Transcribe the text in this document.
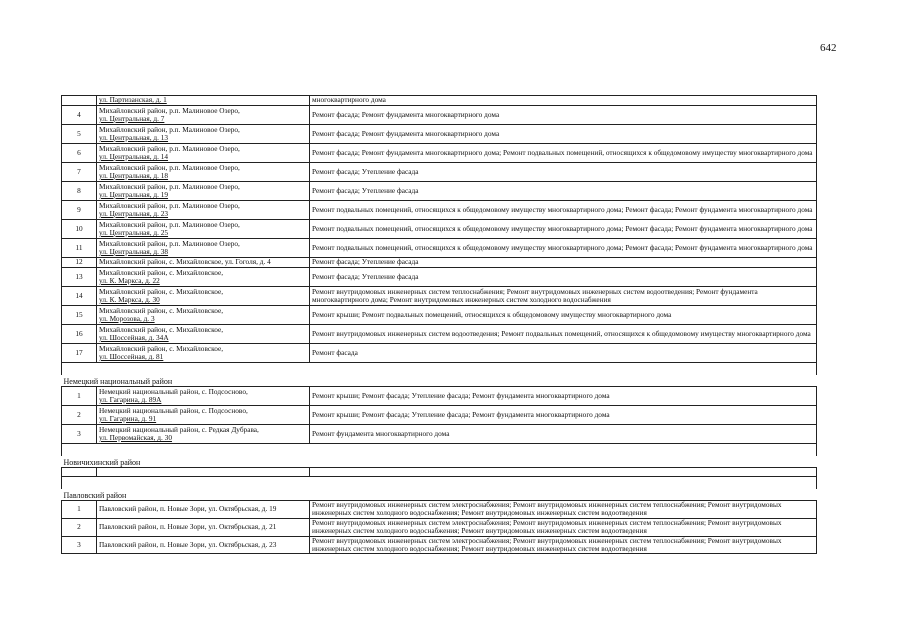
642
	ул. Партизанская, д. 1	многоквартирного дома
4	Михайловский район, р.п. Малиновое Озеро,
ул. Центральная, д. 7	Ремонт фасада; Ремонт фундамента многоквартирного дома
5	Михайловский район, р.п. Малиновое Озеро,
ул. Центральная, д. 13	Ремонт фасада; Ремонт фундамента многоквартирного дома
6	Михайловский район, р.п. Малиновое Озеро,
ул. Центральная, д. 14	Ремонт фасада; Ремонт фундамента многоквартирного дома; Ремонт подвальных помещений, относящихся к общедомовому имуществу многоквартирного дома
7	Михайловский район, р.п. Малиновое Озеро,
ул. Центральная, д. 18	Ремонт фасада; Утепление фасада
8	Михайловский район, р.п. Малиновое Озеро,
ул. Центральная, д. 19	Ремонт фасада; Утепление фасада
9	Михайловский район, р.п. Малиновое Озеро,
ул. Центральная, д. 23	Ремонт подвальных помещений, относящихся к общедомовому имуществу многоквартирного дома; Ремонт фасада; Ремонт фундамента многоквартирного дома
10	Михайловский район, р.п. Малиновое Озеро,
ул. Центральная, д. 25	Ремонт подвальных помещений, относящихся к общедомовому имуществу многоквартирного дома; Ремонт фасада; Ремонт фундамента многоквартирного дома
11	Михайловский район, р.п. Малиновое Озеро,
ул. Центральная, д. 38	Ремонт подвальных помещений, относящихся к общедомовому имуществу многоквартирного дома; Ремонт фасада; Ремонт фундамента многоквартирного дома
12	Михайловский район, с. Михайловское, ул. Гоголя, д. 4	Ремонт фасада; Утепление фасада
13	Михайловский район, с. Михайловское,
ул. К. Маркса, д. 22	Ремонт фасада; Утепление фасада
14	Михайловский район, с. Михайловское,
ул. К. Маркса, д. 30	Ремонт внутридомовых инженерных систем теплоснабжения; Ремонт внутридомовых инженерных систем водоотведения; Ремонт фундамента многоквартирного дома; Ремонт внутридомовых инженерных систем холодного водоснабжения
15	Михайловский район, с. Михайловское,
ул. Морозова, д. 3	Ремонт крыши; Ремонт подвальных помещений, относящихся к общедомовому имуществу многоквартирного дома
16	Михайловский район, с. Михайловское,
ул. Шоссейная, д. 34А	Ремонт внутридомовых инженерных систем водоотведения; Ремонт подвальных помещений, относящихся к общедомовому имуществу многоквартирного дома
17	Михайловский район, с. Михайловское,
ул. Шоссейная, д. 81	Ремонт фасада

Немецкий национальный район		
1	Немецкий национальный район, с. Подсосново,
ул. Гагарина, д. 89А	Ремонт крыши; Ремонт фасада; Утепление фасада; Ремонт фундамента многоквартирного дома
2	Немецкий национальный район, с. Подсосново,
ул. Гагарина, д. 91	Ремонт крыши; Ремонт фасада; Утепление фасада; Ремонт фундамента многоквартирного дома
3	Немецкий национальный район, с. Редкая Дубрава,
ул. Первомайская, д. 30	Ремонт фундамента многоквартирного дома

Новичихинский район		

Павловский район		
1	Павловский район, п. Новые Зори, ул. Октябрьская, д. 19	Ремонт внутридомовых инженерных систем электроснабжения; Ремонт внутридомовых инженерных систем теплоснабжения; Ремонт внутридомовых инженерных систем холодного водоснабжения; Ремонт внутридомовых инженерных систем водоотведения
2	Павловский район, п. Новые Зори, ул. Октябрьская, д. 21	Ремонт внутридомовых инженерных систем электроснабжения; Ремонт внутридомовых инженерных систем теплоснабжения; Ремонт внутридомовых инженерных систем холодного водоснабжения; Ремонт внутридомовых инженерных систем водоотведения
3	Павловский район, п. Новые Зори, ул. Октябрьская, д. 23	Ремонт внутридомовых инженерных систем электроснабжения; Ремонт внутридомовых инженерных систем теплоснабжения; Ремонт внутридомовых инженерных систем холодного водоснабжения; Ремонт внутридомовых инженерных систем водоотведения
